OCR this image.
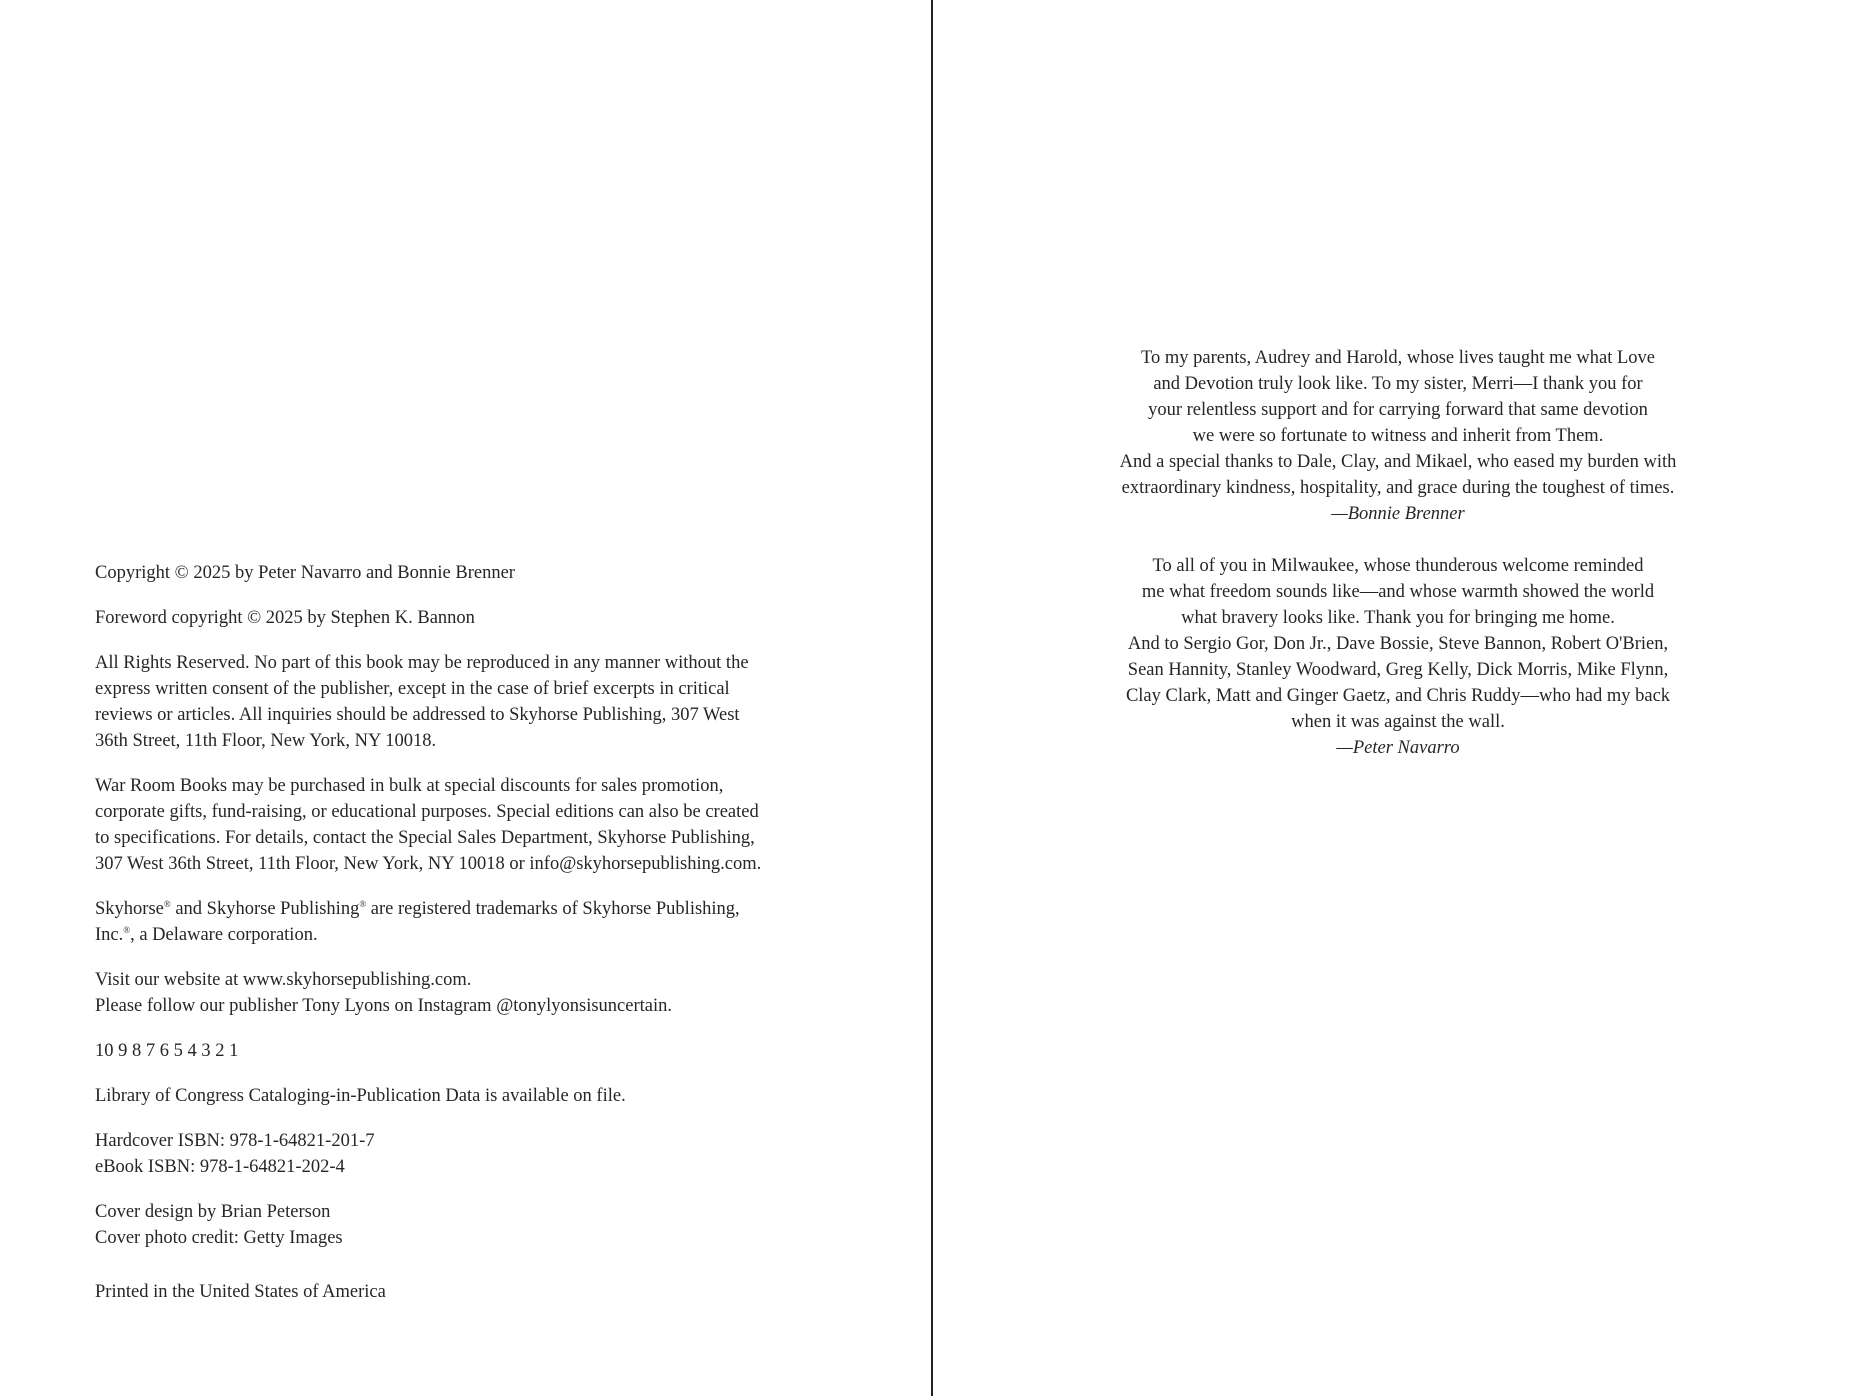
Copyright © 2025 by Peter Navarro and Bonnie Brenner

Foreword copyright © 2025 by Stephen K. Bannon

All Rights Reserved. No part of this book may be reproduced in any manner without the
express written consent of the publisher, except in the case of brief excerpts in critical
reviews or articles. All inquiries should be addressed to Skyhorse Publishing, 307 West
36th Street, 11th Floor, New York, NY 10018.

War Room Books may be purchased in bulk at special discounts for sales promotion,
corporate gifts, fund-raising, or educational purposes. Special editions can also be created
to specifications. For details, contact the Special Sales Department, Skyhorse Publishing,
307 West 36th Street, 11th Floor, New York, NY 10018 or info@skyhorsepublishing.com.

Skyhorse® and Skyhorse Publishing® are registered trademarks of Skyhorse Publishing,
Inc.®, a Delaware corporation.

Visit our website at www.skyhorsepublishing.com.
Please follow our publisher Tony Lyons on Instagram @tonylyonsisuncertain.

10 9 8 7 6 5 4 3 2 1

Library of Congress Cataloging-in-Publication Data is available on file.

Hardcover ISBN: 978-1-64821-201-7
eBook ISBN: 978-1-64821-202-4

Cover design by Brian Peterson
Cover photo credit: Getty Images

Printed in the United States of America

To my parents, Audrey and Harold, whose lives taught me what Love
and Devotion truly look like. To my sister, Merri—I thank you for
your relentless support and for carrying forward that same devotion
we were so fortunate to witness and inherit from Them.
And a special thanks to Dale, Clay, and Mikael, who eased my burden with
extraordinary kindness, hospitality, and grace during the toughest of times.

—Bonnie Brenner

To all of you in Milwaukee, whose thunderous welcome reminded
me what freedom sounds like—and whose warmth showed the world
what bravery looks like. Thank you for bringing me home.
And to Sergio Gor, Don Jr., Dave Bossie, Steve Bannon, Robert O'Brien,
Sean Hannity, Stanley Woodward, Greg Kelly, Dick Morris, Mike Flynn,
Clay Clark, Matt and Ginger Gaetz, and Chris Ruddy—who had my back
when it was against the wall.

—Peter Navarro
